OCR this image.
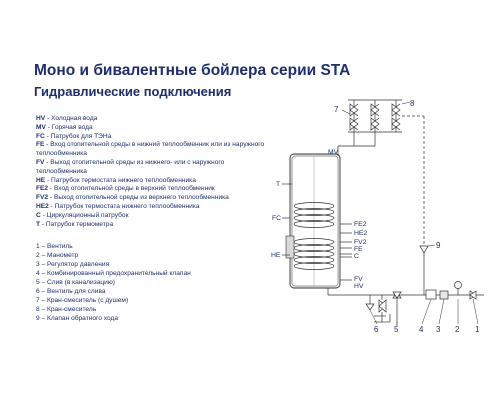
Моно и бивалентные бойлера серии STA
Гидравлические подключения
HV - Холодная вода
MV - Горячая вода
FC - Патрубок для ТЭНа
FE - Вход отопительной среды в нижний теплообменник или из наружного теплообменника
FV - Выход отопительной среды из нижнего- или с наружного теплообменника
HE - Патрубок термостата нижнего теплообменника
FE2 - Вход отопительной среды в верхний теплообменник
FV2 - Выход отопительной среды из верхнего теплообменника
HE2 - Патрубок термостата нижнего теплообменника
C - Циркуляционный патрубок
T - Патрубок термометра
1 – Вентиль
2 – Манометр
3 – Регулятор давления
4 – Комбинированный предохранительный клапан
5 – Слив (в канализацию)
6 – Вентиль для слива
7 – Кран-смеситель (с душем)
8 – Кран-смеситель
9 – Клапан обратного хода
7
8
MV
T
FC
HE
FE2
HE2
FV2
FE
C
FV
HV
9
6 5	4 3 2 1
